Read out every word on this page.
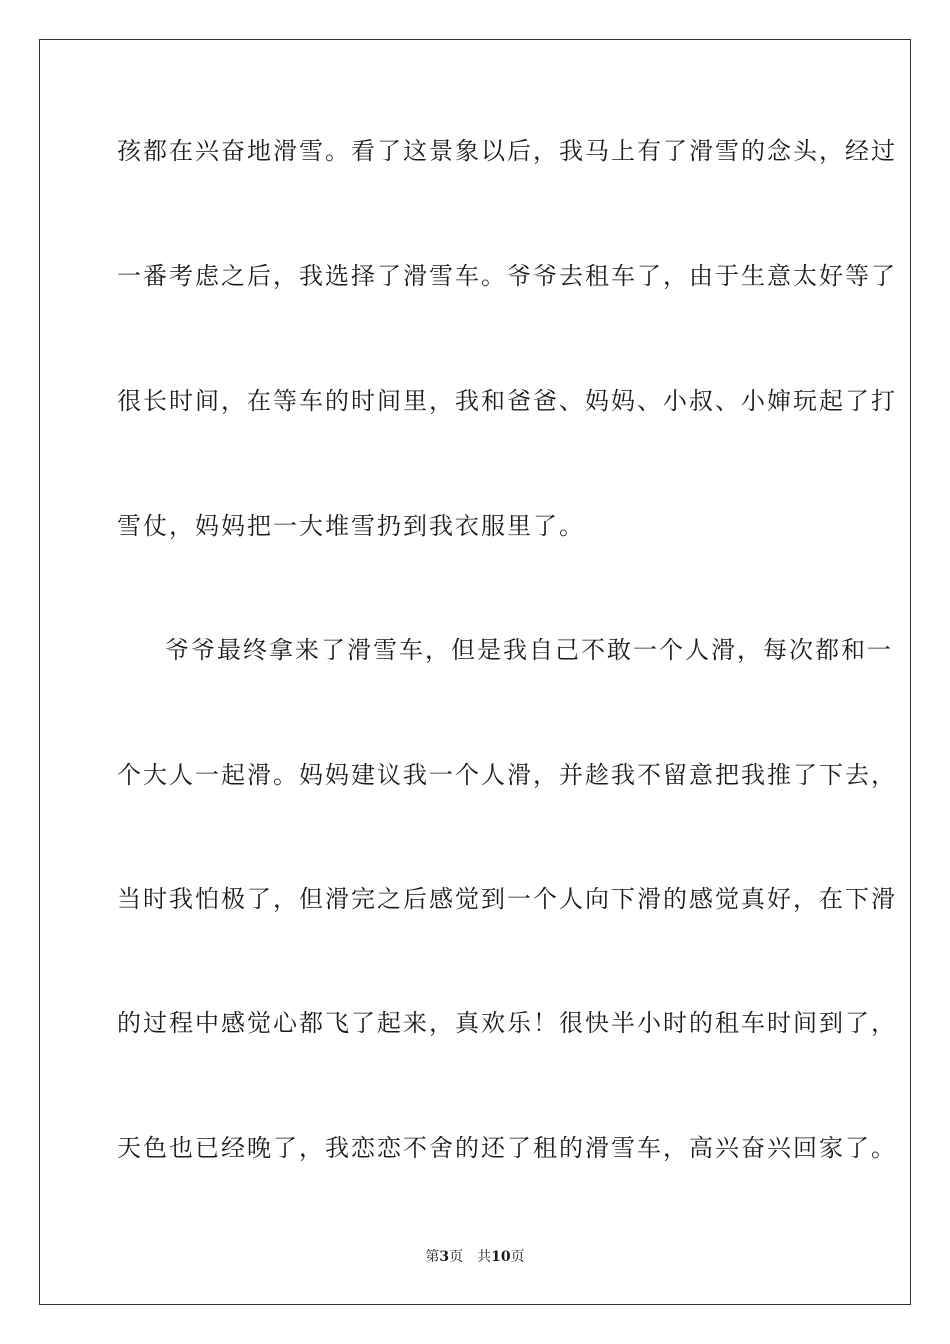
孩都在兴奋地滑雪。看了这景象以后，我马上有了滑雪的念头，经过
一番考虑之后，我选择了滑雪车。爷爷去租车了，由于生意太好等了
很长时间，在等车的时间里，我和爸爸、妈妈、小叔、小婶玩起了打
雪仗，妈妈把一大堆雪扔到我衣服里了。
爷爷最终拿来了滑雪车，但是我自己不敢一个人滑，每次都和一
个大人一起滑。妈妈建议我一个人滑，并趁我不留意把我推了下去，
当时我怕极了，但滑完之后感觉到一个人向下滑的感觉真好，在下滑
的过程中感觉心都飞了起来，真欢乐！很快半小时的租车时间到了，
天色也已经晚了，我恋恋不舍的还了租的滑雪车，高兴奋兴回家了。
第3页 共10页
